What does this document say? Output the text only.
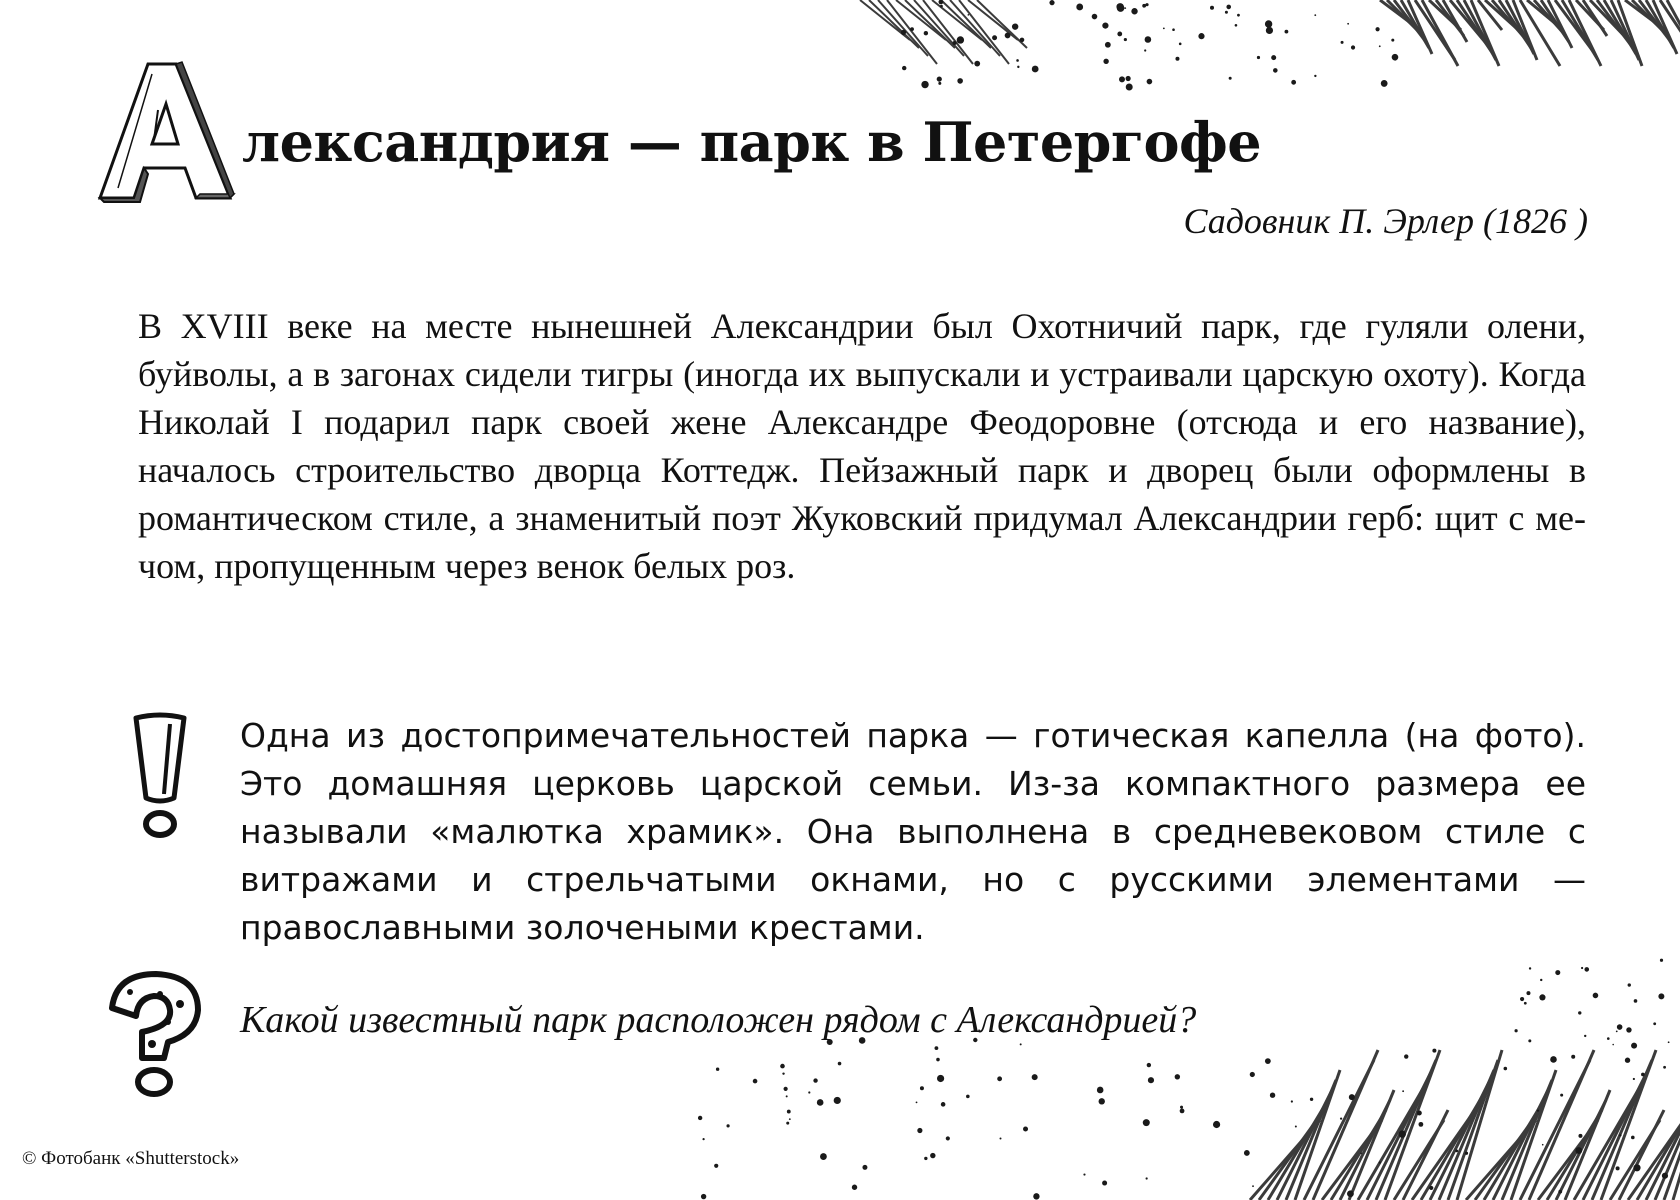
лександрия — парк в Петергофе
Садовник П. Эрлер (1826 )

В XVIII веке на месте нынешней Александрии был Охотничий парк, где гуляли олени, буйволы, а в загонах сидели тигры (иногда их выпускали и устраивали царскую охоту). Когда Николай I подарил парк своей жене Александре Феодоровне (отсюда и его название), началось строительство дворца Коттедж. Пейзажный парк и дворец были оформлены в романтическом стиле, а знаменитый поэт Жуковский придумал Александрии герб: щит с мечом, пропущенным через венок белых роз.

Одна из достопримечательностей парка — готическая капелла (на фото). Это домашняя церковь царской семьи. Из-за компактного размера ее называли «малютка храмик». Она выполнена в средневековом стиле с витражами и стрельчатыми окнами, но с русскими элементами — православными золочеными крестами.

Какой известный парк расположен рядом с Александрией?
© Фотобанк «Shutterstock»
